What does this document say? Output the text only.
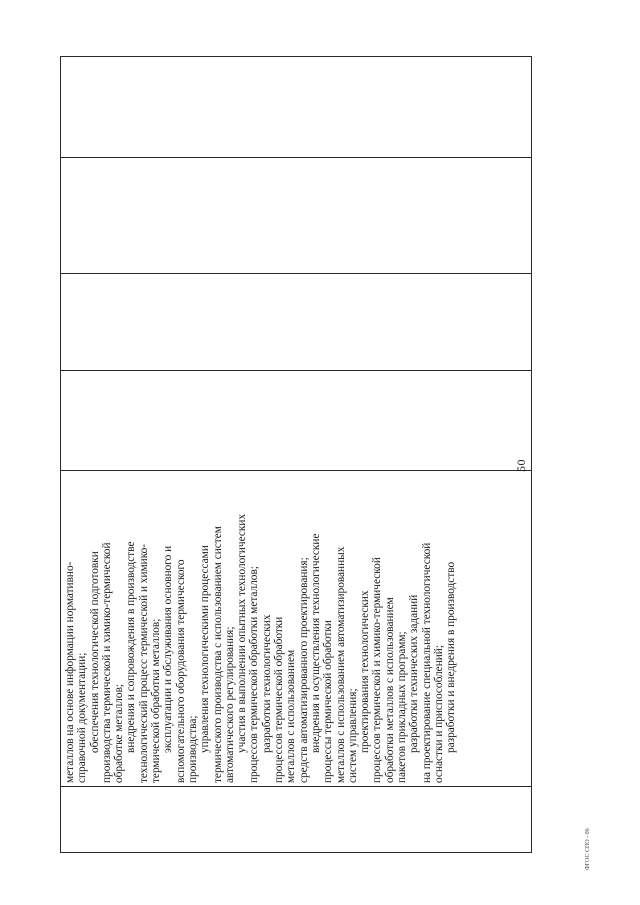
50
металлов на основе информации нормативно- справочной документации; обеспечения технологической подготовки производства термической и химико-термической обработке металлов; внедрения и сопровождения в производстве технологический процесс термической и химико- термической обработки металлов; эксплуатации и обслуживания основного и вспомогательного оборудования термического производства; управления технологическими процессами термического производства с использованием систем автоматического регулирования; участия в выполнении опытных технологических процессов термической обработки металлов; разработки технологических процессов термической обработки металлов с использованием средств автоматизированного проектирования; внедрения и осуществления технологические процессы термической обработки металлов с использованием автоматизированных систем управления; проектирования технологических процессов термической и химико-термической обработки металлов с использованием пакетов прикладных программ; разработки технических заданий на проектирование специальной технологической оснастки и приспособлений; разработки и внедрения в производство
ФГОС СПО - 06
